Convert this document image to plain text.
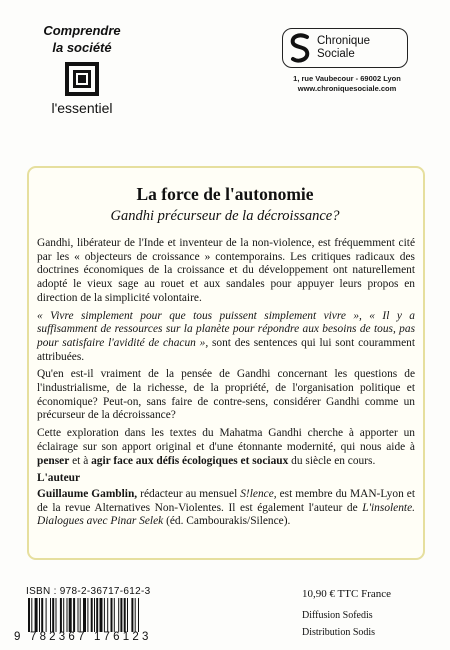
Comprendre
la société
l'essentiel
Chronique
Sociale
1, rue Vaubecour - 69002 Lyon
www.chroniquesociale.com
La force de l'autonomie
Gandhi précurseur de la décroissance?

Gandhi, libérateur de l'Inde et inventeur de la non-violence, est fréquemment cité par les « objecteurs de croissance » contemporains. Les critiques radicaux des doctrines économiques de la croissance et du développement ont naturellement adopté le vieux sage au rouet et aux sandales pour appuyer leurs propos en direction de la simplicité volontaire.

« Vivre simplement pour que tous puissent simplement vivre », « Il y a suffisamment de ressources sur la planète pour répondre aux besoins de tous, pas pour satisfaire l'avidité de chacun », sont des sentences qui lui sont couramment attribuées.

Qu'en est-il vraiment de la pensée de Gandhi concernant les questions de l'industrialisme, de la richesse, de la propriété, de l'organisation politique et économique? Peut-on, sans faire de contre-sens, considérer Gandhi comme un précurseur de la décroissance?

Cette exploration dans les textes du Mahatma Gandhi cherche à apporter un éclairage sur son apport original et d'une étonnante modernité, qui nous aide à penser et à agir face aux défis écologiques et sociaux du siècle en cours.

L'auteur

Guillaume Gamblin, rédacteur au mensuel S!lence, est membre du MAN-Lyon et de la revue Alternatives Non-Violentes. Il est également l'auteur de L'insolente. Dialogues avec Pinar Selek (éd. Cambourakis/Silence).

ISBN : 978-2-36717-612-3
9 782367 176123
10,90 € TTC France
Diffusion Sofedis
Distribution Sodis
